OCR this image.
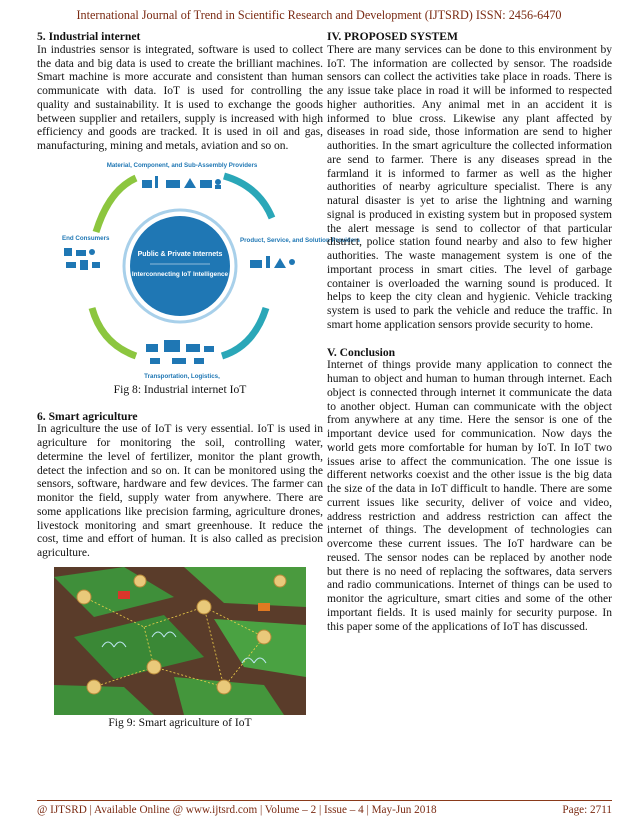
International Journal of Trend in Scientific Research and Development (IJTSRD) ISSN: 2456-6470
5. Industrial internet

In industries sensor is integrated, software is used to collect the data and big data is used to create the brilliant machines. Smart machine is more accurate and consistent than human communicate with data. IoT is used for controlling the quality and sustainability. It is used to exchange the goods between supplier and retailers, supply is increased with high efficiency and goods are tracked. It is used in oil and gas, manufacturing, mining and metals, aviation and so on.

Material, Component, and Sub-Assembly Providers
End Consumers	Product, Service, and Solution Providers
Public & Private Internets
Interconnecting IoT Intelligence
Transportation, Logistics,
Fig 8: Industrial internet IoT
6. Smart agriculture

In agriculture the use of IoT is very essential. IoT is used in agriculture for monitoring the soil, controlling water, determine the level of fertilizer, monitor the plant growth, detect the infection and so on. It can be monitored using the sensors, software, hardware and few devices. The farmer can monitor the field, supply water from anywhere. There are some applications like precision farming, agriculture drones, livestock monitoring and smart greenhouse. It reduce the cost, time and effort of human. It is also called as precision agriculture.

Fig 9: Smart agriculture of IoT
IV. PROPOSED SYSTEM

There are many services can be done to this environment by IoT. The information are collected by sensor. The roadside sensors can collect the activities take place in roads. There is any issue take place in road it will be informed to respected higher authorities. Any animal met in an accident it is informed to blue cross. Likewise any plant affected by diseases in road side, those information are send to higher authorities. In the smart agriculture the collected information are send to farmer. There is any diseases spread in the farmland it is informed to farmer as well as the higher authorities of nearby agriculture specialist. There is any natural disaster is yet to arise the lightning and warning signal is produced in existing system but in proposed system the alert message is send to collector of that particular district, police station found nearby and also to few higher authorities. The waste management system is one of the important process in smart cities. The level of garbage container is overloaded the warning sound is produced. It helps to keep the city clean and hygienic. Vehicle tracking system is used to park the vehicle and reduce the traffic. In smart home application sensors provide security to home.

V. Conclusion

Internet of things provide many application to connect the human to object and human to human through internet. Each object is connected through internet it communicate the data to another object. Human can communicate with the object from anywhere at any time. Here the sensor is one of the important device used for communication. Now days the world gets more comfortable for human by IoT. In IoT two issues arise to affect the communication. The one issue is different networks coexist and the other issue is the big data the size of the data in IoT difficult to handle. There are some current issues like security, deliver of voice and video, address restriction and address restriction can affect the internet of things. The development of technologies can overcome these current issues. The IoT hardware can be reused. The sensor nodes can be replaced by another node but there is no need of replacing the softwares, data servers and radio communications. Internet of things can be used to monitor the agriculture, smart cities and some of the other important fields. It is used mainly for security purpose. In this paper some of the applications of IoT has discussed.

@ IJTSRD | Available Online @ www.ijtsrd.com | Volume – 2 | Issue – 4 | May-Jun 2018	Page: 2711
